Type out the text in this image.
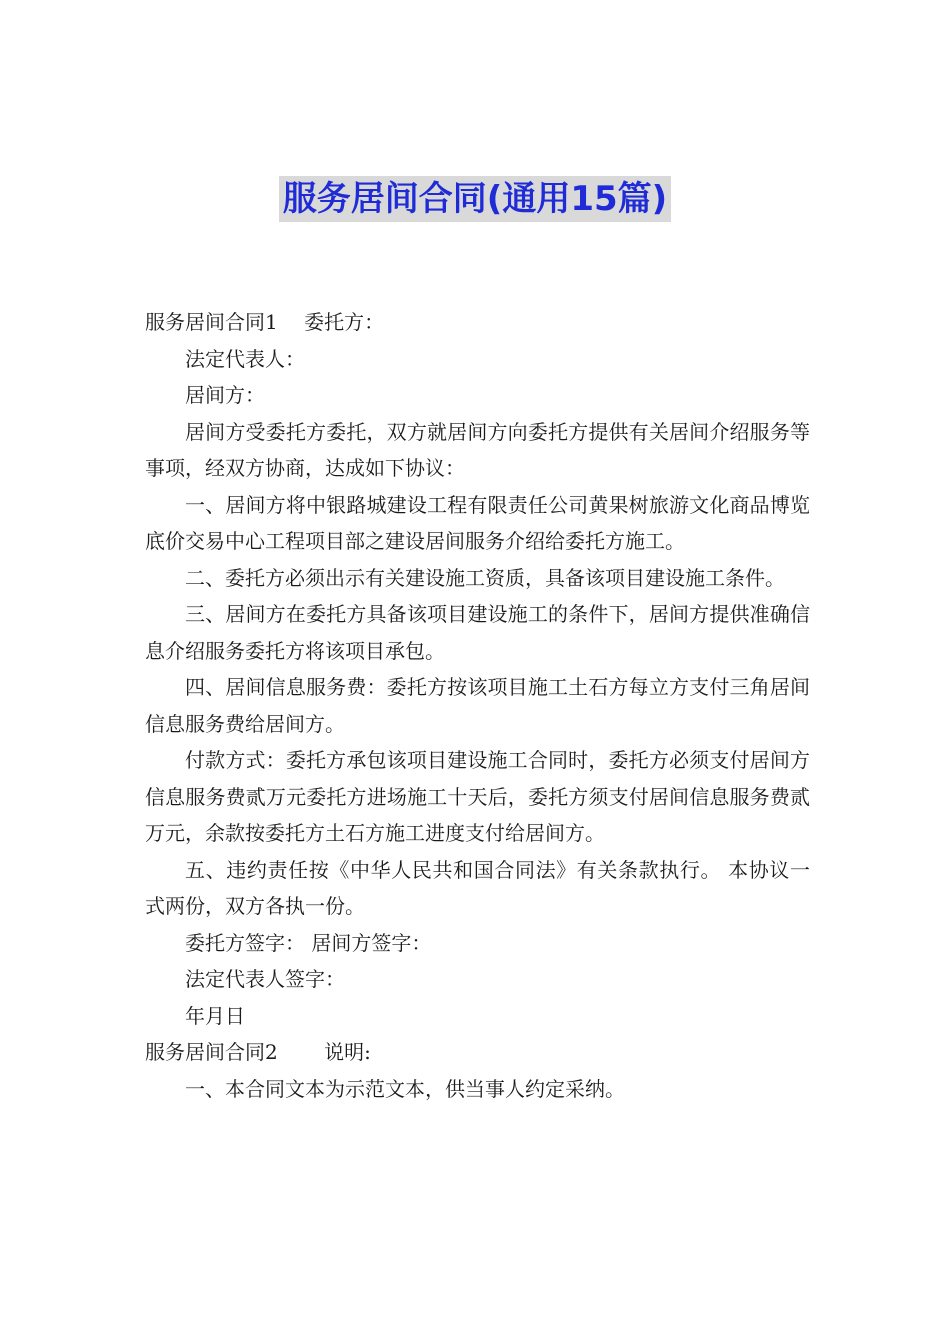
服务居间合同(通用15篇)

服务居间合同1　 委托方：

法定代表人：

居间方：

居间方受委托方委托，双方就居间方向委托方提供有关居间介绍服务等事项，经双方协商，达成如下协议：

一、居间方将中银路城建设工程有限责任公司黄果树旅游文化商品博览底价交易中心工程项目部之建设居间服务介绍给委托方施工。

二、委托方必须出示有关建设施工资质，具备该项目建设施工条件。

三、居间方在委托方具备该项目建设施工的条件下，居间方提供准确信息介绍服务委托方将该项目承包。

四、居间信息服务费：委托方按该项目施工土石方每立方支付三角居间信息服务费给居间方。

付款方式：委托方承包该项目建设施工合同时，委托方必须支付居间方信息服务费贰万元委托方进场施工十天后，委托方须支付居间信息服务费贰万元，余款按委托方土石方施工进度支付给居间方。

五、违约责任按《中华人民共和国合同法》有关条款执行。 本协议一式两份，双方各执一份。

委托方签字： 居间方签字：

法定代表人签字：

年月日

服务居间合同2　　 说明:

一、本合同文本为示范文本，供当事人约定采纳。
